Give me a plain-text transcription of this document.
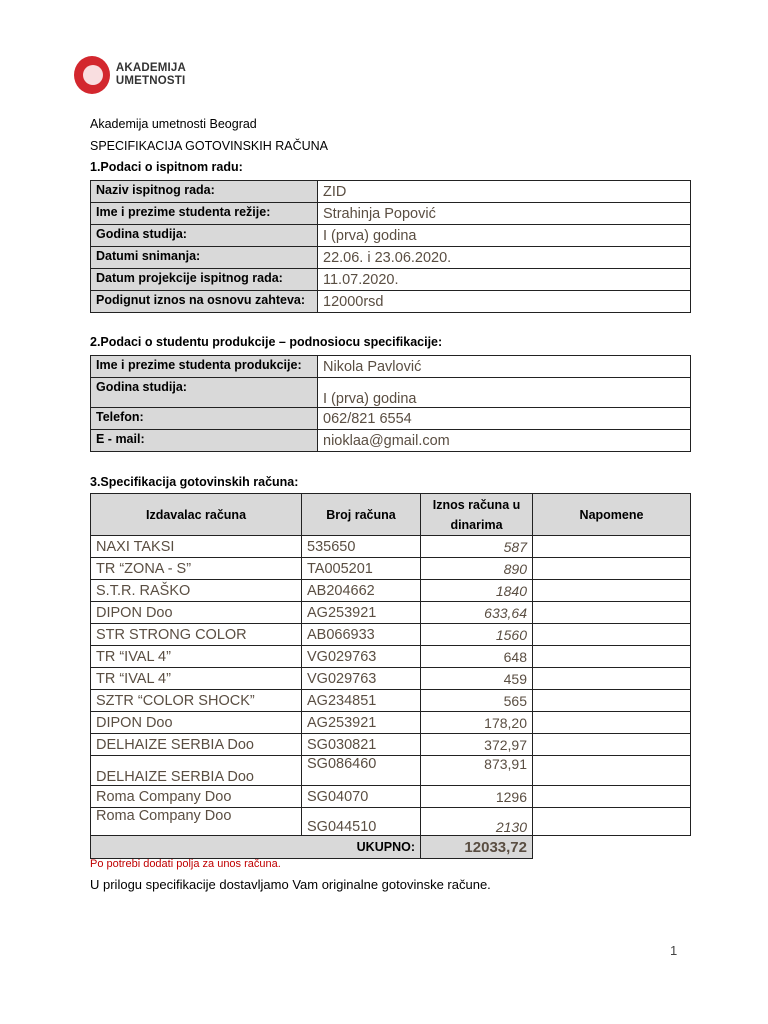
AKADEMIJA
UMETNOSTI
Akademija umetnosti Beograd
SPECIFIKACIJA GOTOVINSKIH RAČUNA
1.Podaci o ispitnom radu:
Naziv ispitnog rada:	ZID
Ime i prezime studenta režije:	Strahinja Popović
Godina studija:	I (prva) godina
Datumi snimanja:	22.06. i 23.06.2020.
Datum projekcije ispitnog rada:	11.07.2020.
Podignut iznos na osnovu zahteva:	12000rsd
2.Podaci o studentu produkcije – podnosiocu specifikacije:
Ime i prezime studenta produkcije:	Nikola Pavlović
Godina studija:	I (prva) godina
Telefon:	062/821 6554
E - mail:	nioklaa@gmail.com
3.Specifikacija gotovinskih računa:
Izdavalac računa	Broj računa	Iznos računa u dinarima	Napomene
NAXI TAKSI	535650	587	
TR “ZONA - S”	TA005201	890	
S.T.R. RAŠKO	AB204662	1840	
DIPON Doo	AG253921	633,64	
STR STRONG COLOR	AB066933	1560	
TR “IVAL 4”	VG029763	648	
TR “IVAL 4”	VG029763	459	
SZTR “COLOR SHOCK”	AG234851	565	
DIPON Doo	AG253921	178,20	
DELHAIZE SERBIA Doo	SG030821	372,97	
DELHAIZE SERBIA Doo	SG086460	873,91	
Roma Company Doo	SG04070	1296	
Roma Company Doo	SG044510	2130	
UKUPNO:		12033,72	
Po potrebi dodati polja za unos računa.
U prilogu specifikacije dostavljamo Vam originalne gotovinske račune.
1
